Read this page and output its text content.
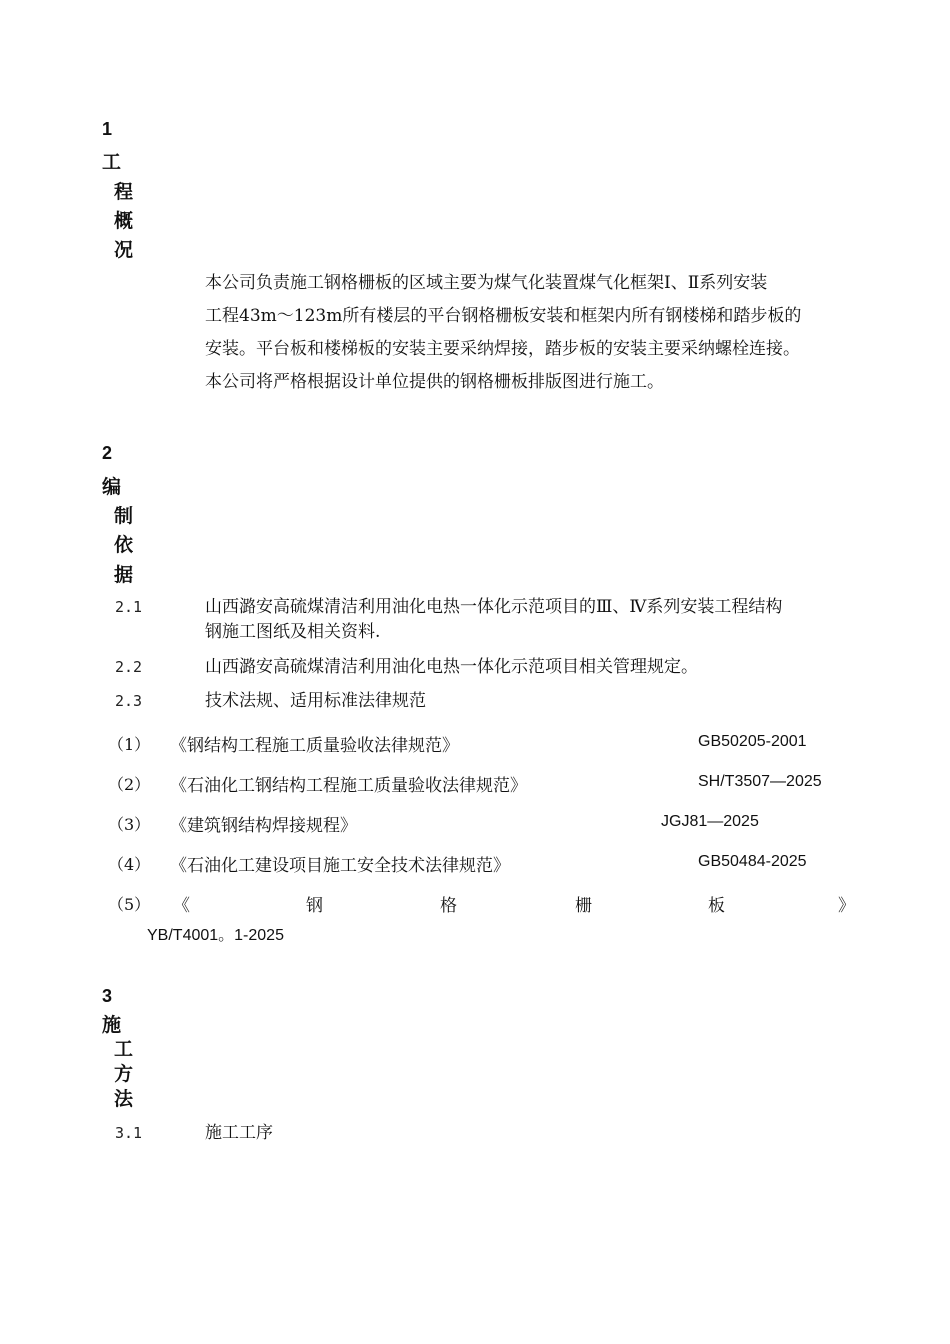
1
工
程
概
况
本公司负责施工钢格栅板的区域主要为煤气化装置煤气化框架Ⅰ、Ⅱ系列安装
工程43m～123m所有楼层的平台钢格栅板安装和框架内所有钢楼梯和踏步板的
安装。平台板和楼梯板的安装主要采纳焊接，踏步板的安装主要采纳螺栓连接。
本公司将严格根据设计单位提供的钢格栅板排版图进行施工。
2
编
制
依
据
2.1	山西潞安高硫煤清洁利用油化电热一体化示范项目的Ⅲ、Ⅳ系列安装工程结构
钢施工图纸及相关资料.
2.2	山西潞安高硫煤清洁利用油化电热一体化示范项目相关管理规定。
2.3	技术法规、适用标准法律规范
（1） 《钢结构工程施工质量验收法律规范》	GB50205-2001
（2） 《石油化工钢结构工程施工质量验收法律规范》	SH/T3507—2025
（3） 《建筑钢结构焊接规程》	JGJ81—2025
（4） 《石油化工建设项目施工安全技术法律规范》	GB50484-2025
（5） 《	钢	格	栅	板	》
YB/T4001。1-2025
3
施
工
方
法
3.1	施工工序
